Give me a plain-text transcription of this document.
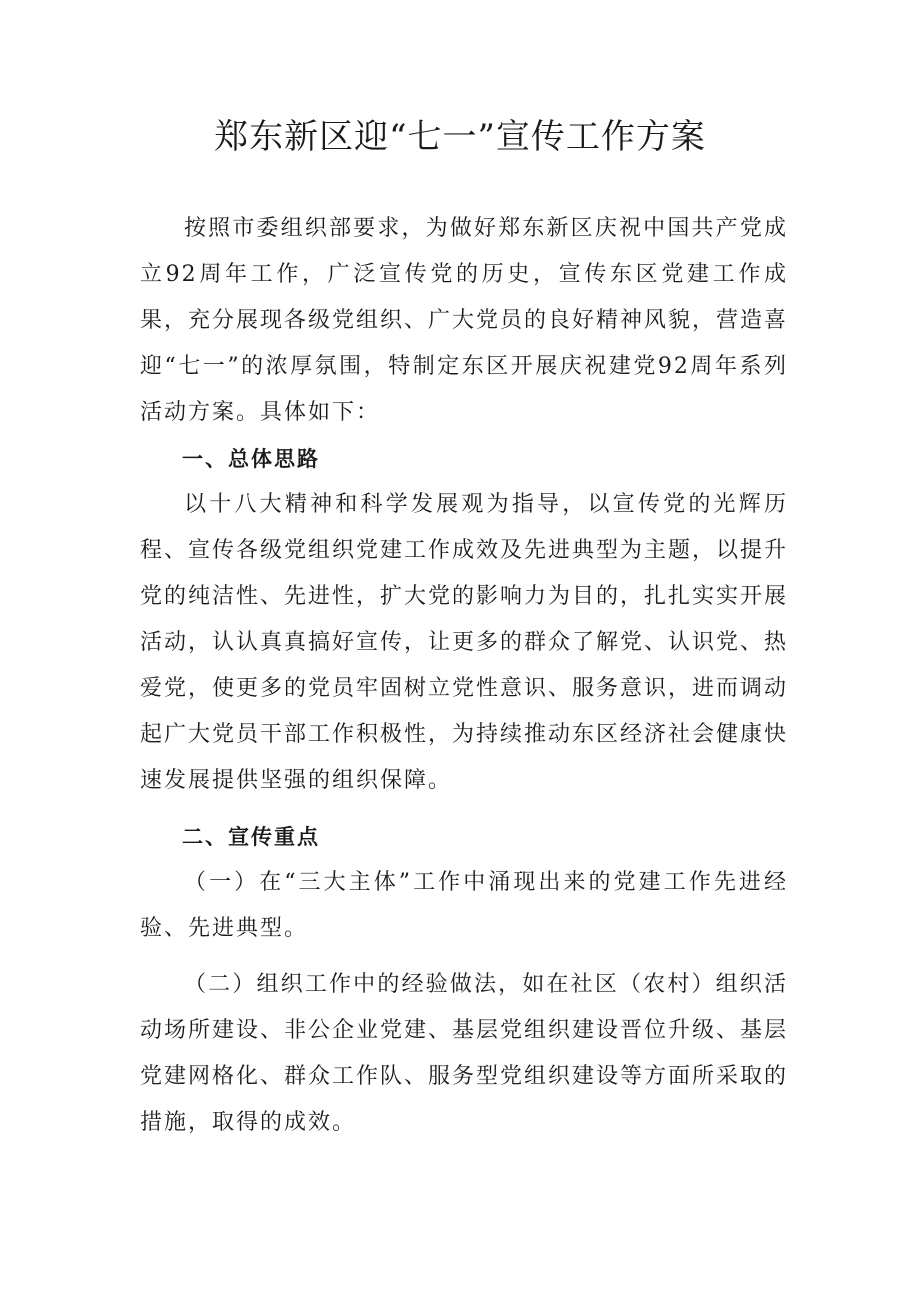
郑东新区迎“七一”宣传工作方案

按照市委组织部要求，为做好郑东新区庆祝中国共产党成立92周年工作，广泛宣传党的历史，宣传东区党建工作成果，充分展现各级党组织、广大党员的良好精神风貌，营造喜迎“七一”的浓厚氛围，特制定东区开展庆祝建党92周年系列活动方案。具体如下：

一、总体思路

以十八大精神和科学发展观为指导，以宣传党的光辉历程、宣传各级党组织党建工作成效及先进典型为主题，以提升党的纯洁性、先进性，扩大党的影响力为目的，扎扎实实开展活动，认认真真搞好宣传，让更多的群众了解党、认识党、热爱党，使更多的党员牢固树立党性意识、服务意识，进而调动起广大党员干部工作积极性，为持续推动东区经济社会健康快速发展提供坚强的组织保障。

二、宣传重点

（一）在“三大主体”工作中涌现出来的党建工作先进经验、先进典型。

（二）组织工作中的经验做法，如在社区（农村）组织活动场所建设、非公企业党建、基层党组织建设晋位升级、基层党建网格化、群众工作队、服务型党组织建设等方面所采取的措施，取得的成效。
